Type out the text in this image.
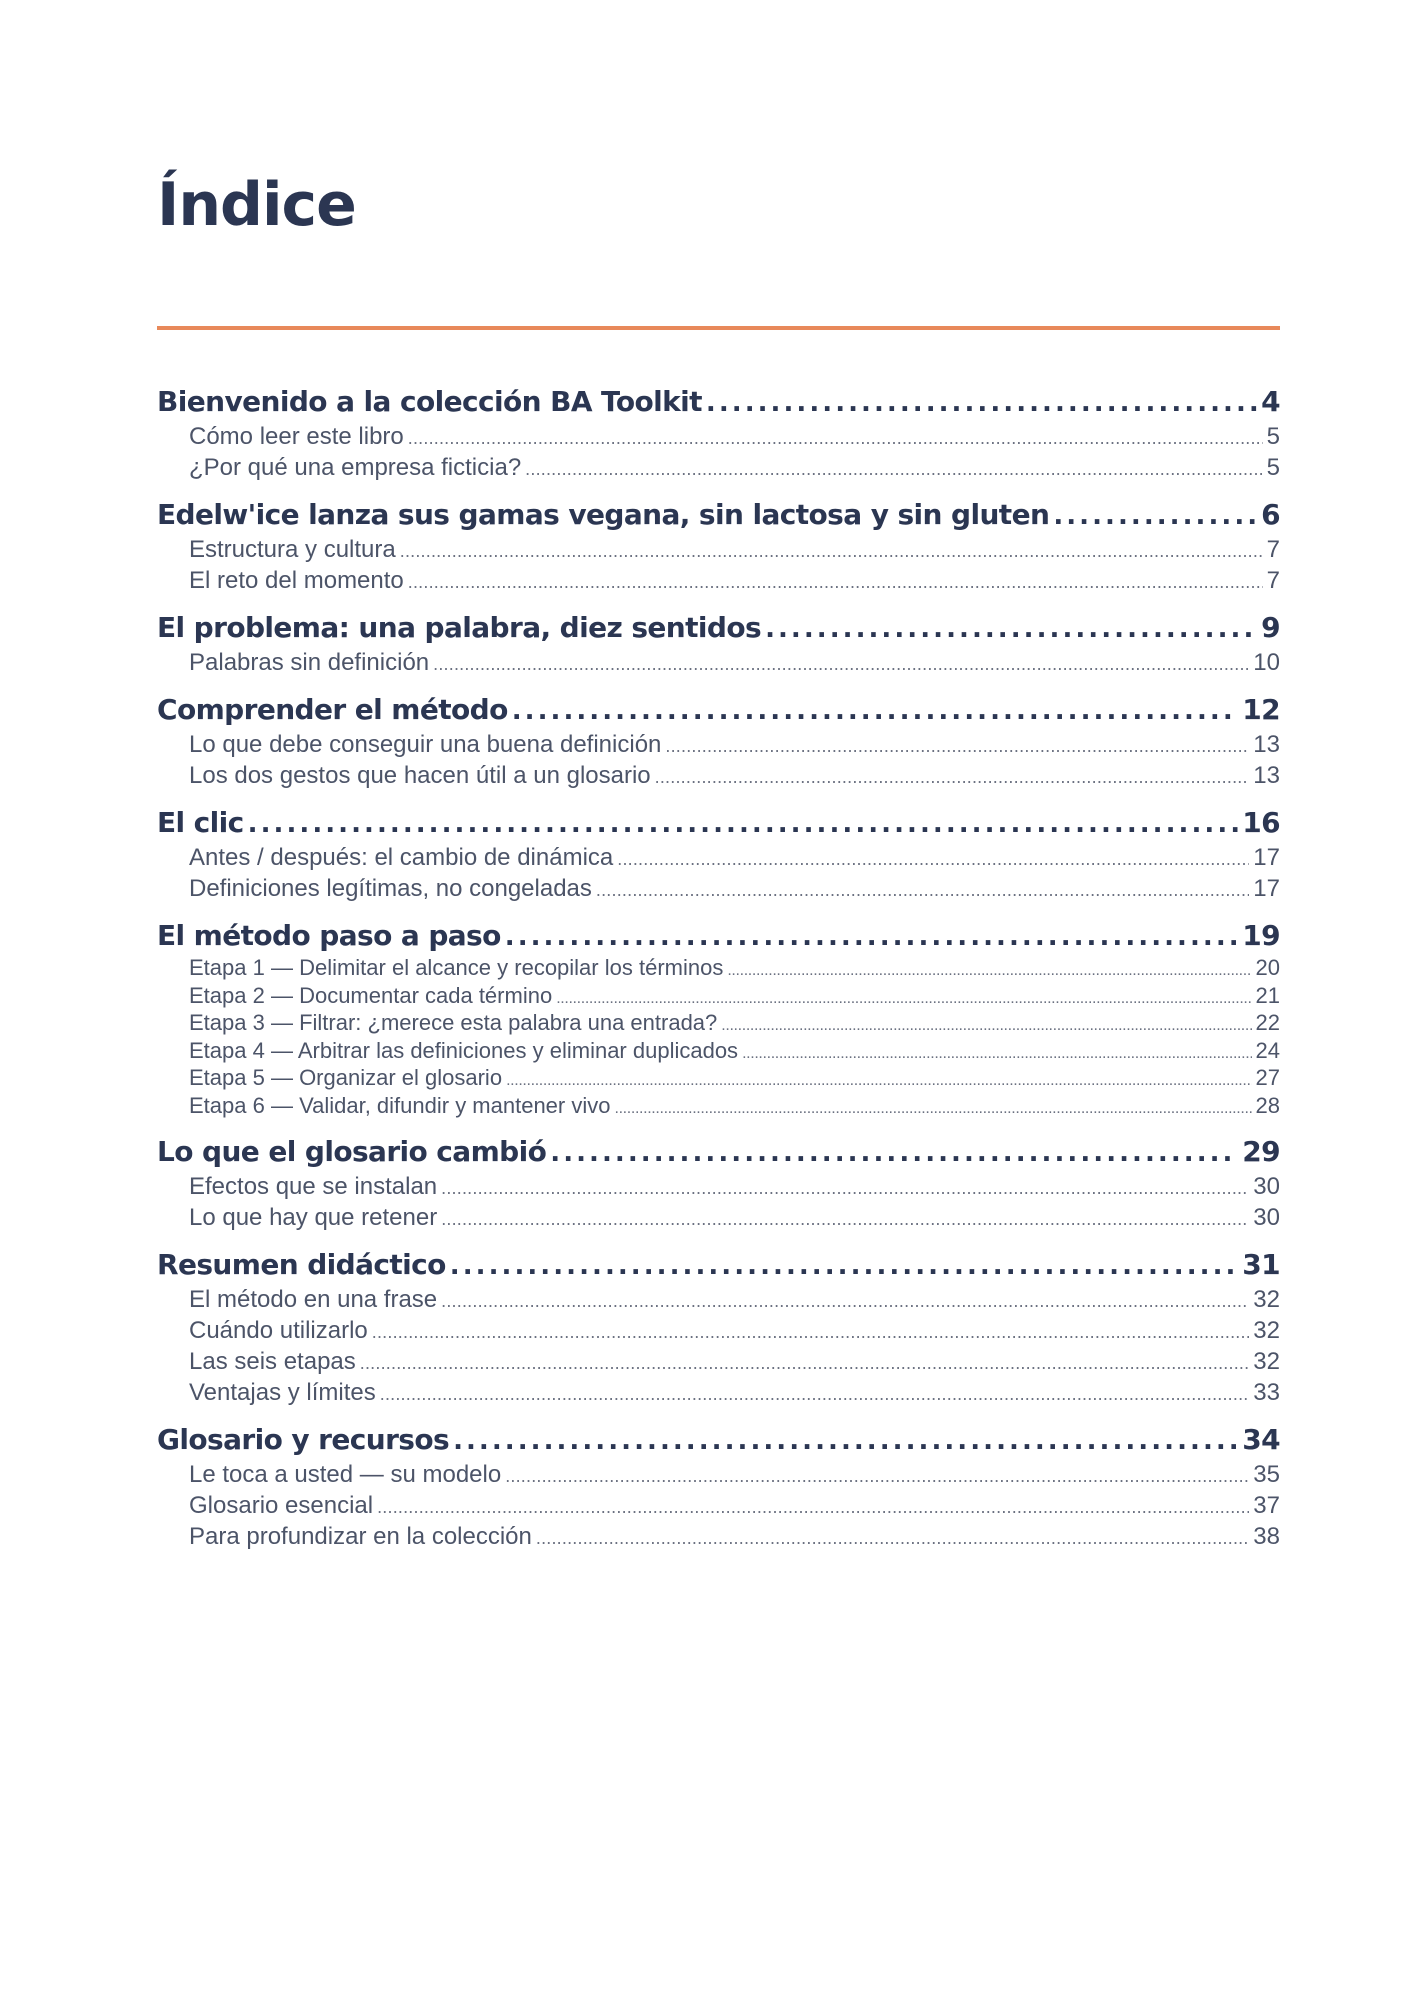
Índice
Bienvenido a la colección BA Toolkit . . .	4
Cómo leer este libro . . .	5
¿Por qué una empresa ficticia? . . .	5
Edelw'ice lanza sus gamas vegana, sin lactosa y sin gluten . . .	6
Estructura y cultura . . .	7
El reto del momento . . .	7
El problema: una palabra, diez sentidos . . .	9
Palabras sin definición . . .	10
Comprender el método . . .	12
Lo que debe conseguir una buena definición . . .	13
Los dos gestos que hacen útil a un glosario . . .	13
El clic . . .	16
Antes / después: el cambio de dinámica . . .	17
Definiciones legítimas, no congeladas . . .	17
El método paso a paso . . .	19
Etapa 1 — Delimitar el alcance y recopilar los términos . . .	20
Etapa 2 — Documentar cada término . . .	21
Etapa 3 — Filtrar: ¿merece esta palabra una entrada? . . .	22
Etapa 4 — Arbitrar las definiciones y eliminar duplicados . . .	24
Etapa 5 — Organizar el glosario . . .	27
Etapa 6 — Validar, difundir y mantener vivo . . .	28
Lo que el glosario cambió . . .	29
Efectos que se instalan . . .	30
Lo que hay que retener . . .	30
Resumen didáctico . . .	31
El método en una frase . . .	32
Cuándo utilizarlo . . .	32
Las seis etapas . . .	32
Ventajas y límites . . .	33
Glosario y recursos . . .	34
Le toca a usted — su modelo . . .	35
Glosario esencial . . .	37
Para profundizar en la colección . . .	38
